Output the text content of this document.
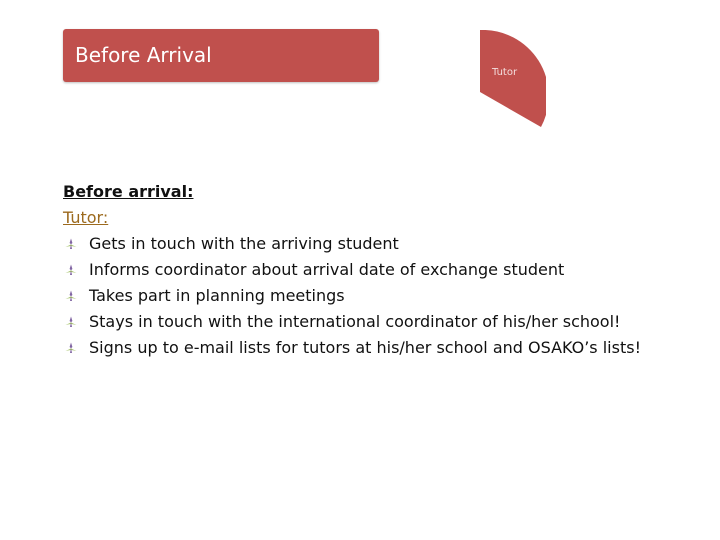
Before Arrival
Tutor
Before arrival:
Tutor:
Gets in touch with the arriving student
Informs coordinator about arrival date of exchange student
Takes part in planning meetings
Stays in touch with the international coordinator of his/her school!
Signs up to e-mail lists for tutors at his/her school and OSAKO’s lists!
